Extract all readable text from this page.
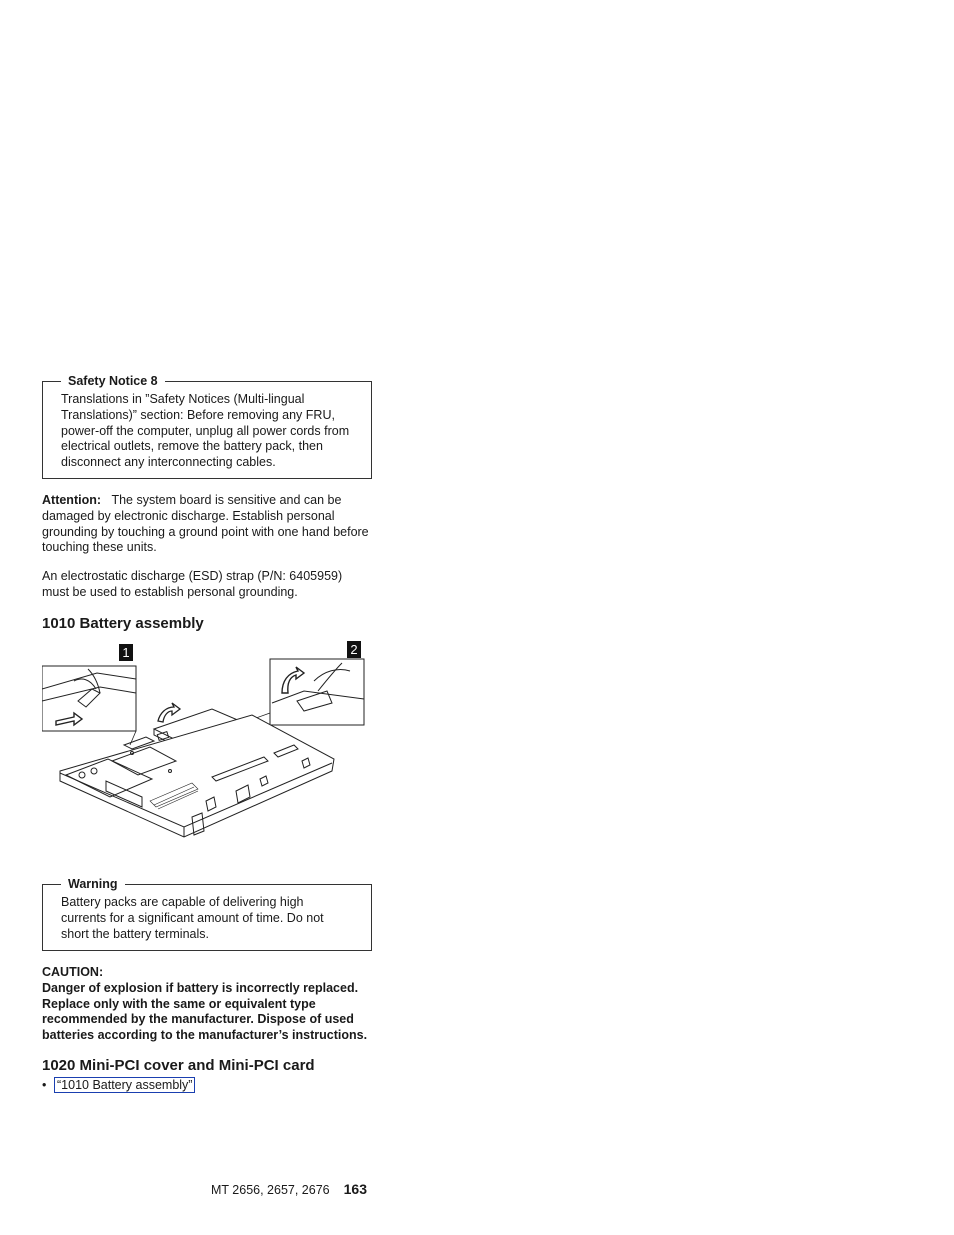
Safety Notice 8
Translations in ”Safety Notices (Multi-lingual
Translations)” section: Before removing any FRU,
power-off the computer, unplug all power cords from
electrical outlets, remove the battery pack, then
disconnect any interconnecting cables.
Attention: The system board is sensitive and can be
damaged by electronic discharge. Establish personal
grounding by touching a ground point with one hand before
touching these units.
An electrostatic discharge (ESD) strap (P/N: 6405959)
must be used to establish personal grounding.
1010 Battery assembly
1	2
Warning
Battery packs are capable of delivering high
currents for a significant amount of time. Do not
short the battery terminals.
CAUTION:
Danger of explosion if battery is incorrectly replaced.
Replace only with the same or equivalent type
recommended by the manufacturer. Dispose of used
batteries according to the manufacturer’s instructions.
1020 Mini-PCI cover and Mini-PCI card
• “1010 Battery assembly”
MT 2656, 2657, 2676 163
